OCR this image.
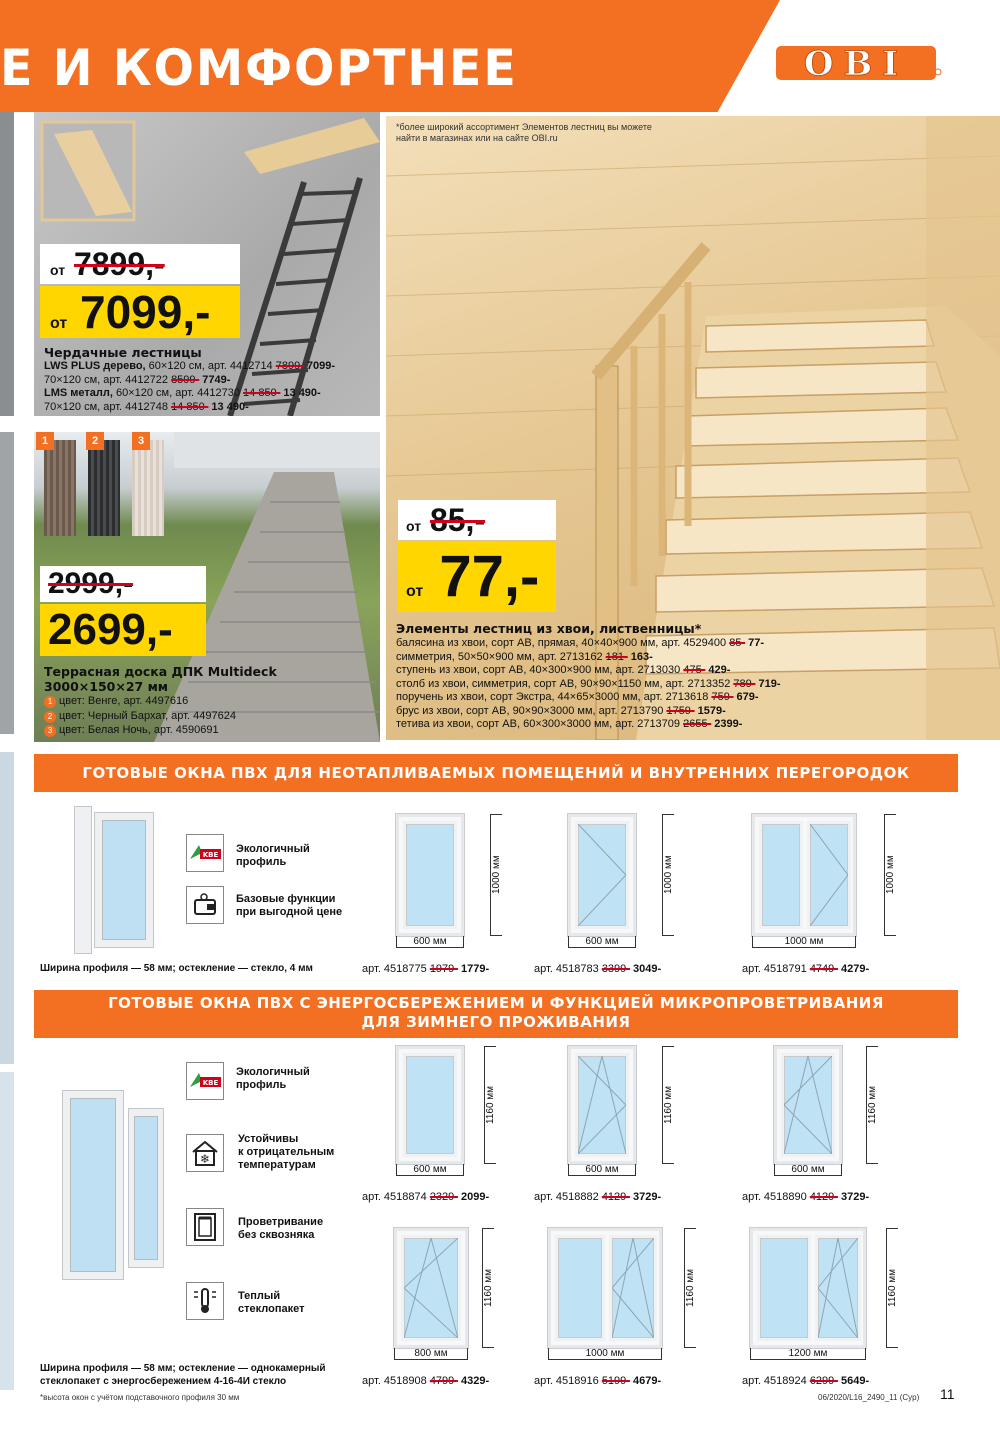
Е И КОМФОРТНЕЕ	OBI
от 7899,-
от 7099,-
Чердачные лестницы
LWS PLUS дерево, 60×120 см, арт. 4412714 7899- 7099-
70×120 см, арт. 4412722 8599- 7749-
LMS металл, 60×120 см, арт. 4412730 14 850- 13 490-
70×120 см, арт. 4412748 14 850- 13 490-
1	2	3
2999,-
2699,-
Террасная доска ДПК Multideck
3000×150×27 мм
1 цвет: Венге, арт. 4497616
2 цвет: Черный Бархат, арт. 4497624
3 цвет: Белая Ночь, арт. 4590691
*более широкий ассортимент Элементов лестниц вы можете найти в магазинах или на сайте OBI.ru
от 85,-
от 77,-
Элементы лестниц из хвои, лиственницы*
балясина из хвои, сорт АВ, прямая, 40×40×900 мм, арт. 4529400 85- 77-
симметрия, 50×50×900 мм, арт. 2713162 181- 163-
ступень из хвои, сорт АВ, 40×300×900 мм, арт. 2713030 475- 429-
столб из хвои, симметрия, сорт АВ, 90×90×1150 мм, арт. 2713352 789- 719-
поручень из хвои, сорт Экстра, 44×65×3000 мм, арт. 2713618 759- 679-
брус из хвои, сорт АВ, 90×90×3000 мм, арт. 2713790 1759- 1579-
тетива из хвои, сорт АВ, 60×300×3000 мм, арт. 2713709 2655- 2399-
ГОТОВЫЕ ОКНА ПВХ ДЛЯ НЕОТАПЛИВАЕМЫХ ПОМЕЩЕНИЙ И ВНУТРЕННИХ ПЕРЕГОРОДОК
KBE Экологичный
профиль
Базовые функции
при выгодной цене
Ширина профиля — 58 мм; остекление — стекло, 4 мм
1000 мм
600 мм
арт. 4518775 1979- 1779-
1000 мм
600 мм
арт. 4518783 3399- 3049-
1000 мм
1000 мм
арт. 4518791 4749- 4279-
ГОТОВЫЕ ОКНА ПВХ С ЭНЕРГОСБЕРЕЖЕНИЕМ И ФУНКЦИЕЙ МИКРОПРОВЕТРИВАНИЯ
ДЛЯ ЗИМНЕГО ПРОЖИВАНИЯ
KBE
Экологичный
профиль
❄
Устойчивы
к отрицательным
температурам
Проветривание
без сквозняка
Теплый
стеклопакет
Ширина профиля — 58 мм; остекление — однокамерный
стеклопакет с энергосбережением 4-16-4И стекло
1160 мм
600 мм
арт. 4518874 2329- 2099-
1160 мм
600 мм
арт. 4518882 4129- 3729-
1160 мм
600 мм
арт. 4518890 4129- 3729-
1160 мм
800 мм
арт. 4518908 4799- 4329-
1160 мм
1000 мм
арт. 4518916 5199- 4679-
1160 мм
1200 мм
арт. 4518924 6299- 5649-
*высота окон с учётом подставочного профиля 30 мм	06/2020/L16_2490_11 (Cyp) 11
